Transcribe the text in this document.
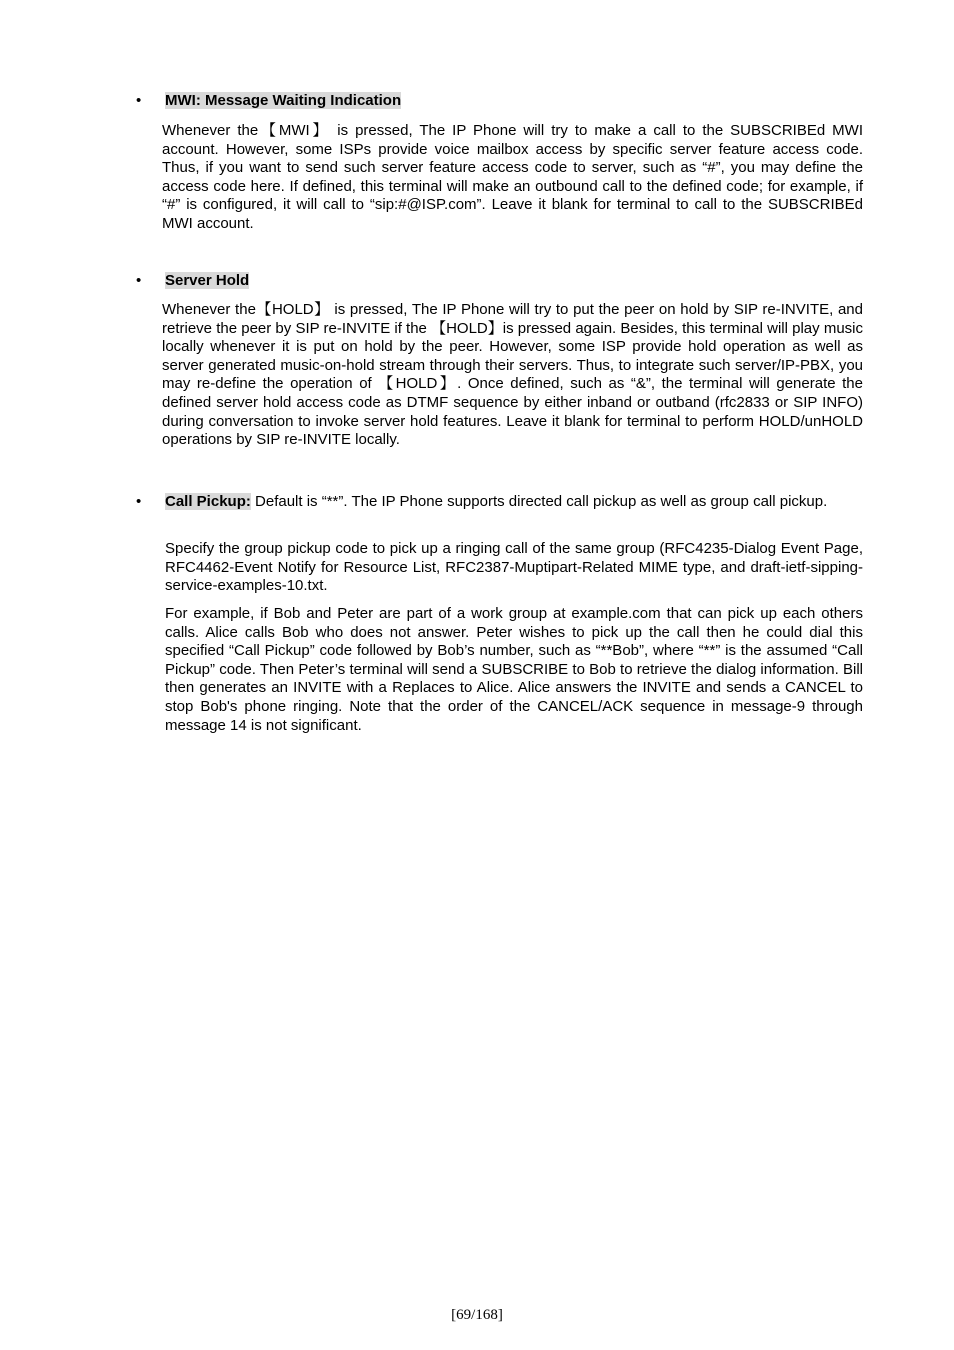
• MWI: Message Waiting Indication
Whenever the【MWI】 is pressed, The IP Phone will try to make a call to the SUBSCRIBEd MWI account. However, some ISPs provide voice mailbox access by specific server feature access code. Thus, if you want to send such server feature access code to server, such as “#”, you may define the access code here. If defined, this terminal will make an outbound call to the defined code; for example, if “#” is configured, it will call to “sip:#@ISP.com”. Leave it blank for terminal to call to the SUBSCRIBEd MWI account.
• Server Hold
Whenever the【HOLD】 is pressed, The IP Phone will try to put the peer on hold by SIP re-INVITE, and retrieve the peer by SIP re-INVITE if the 【HOLD】is pressed again. Besides, this terminal will play music locally whenever it is put on hold by the peer. However, some ISP provide hold operation as well as server generated music-on-hold stream through their servers. Thus, to integrate such server/IP-PBX, you may re-define the operation of 【HOLD】. Once defined, such as “&”, the terminal will generate the defined server hold access code as DTMF sequence by either inband or outband (rfc2833 or SIP INFO) during conversation to invoke server hold features. Leave it blank for terminal to perform HOLD/unHOLD operations by SIP re-INVITE locally.
• Call Pickup: Default is “**”. The IP Phone supports directed call pickup as well as group call pickup.
Specify the group pickup code to pick up a ringing call of the same group (RFC4235-Dialog Event Page, RFC4462-Event Notify for Resource List, RFC2387-Muptipart-Related MIME type, and draft-ietf-sipping-service-examples-10.txt.
For example, if Bob and Peter are part of a work group at example.com that can pick up each others calls. Alice calls Bob who does not answer. Peter wishes to pick up the call then he could dial this specified “Call Pickup” code followed by Bob’s number, such as “**Bob”, where “**” is the assumed “Call Pickup” code. Then Peter’s terminal will send a SUBSCRIBE to Bob to retrieve the dialog information. Bill then generates an INVITE with a Replaces to Alice. Alice answers the INVITE and sends a CANCEL to stop Bob's phone ringing. Note that the order of the CANCEL/ACK sequence in message-9 through message 14 is not significant.
[69/168]
